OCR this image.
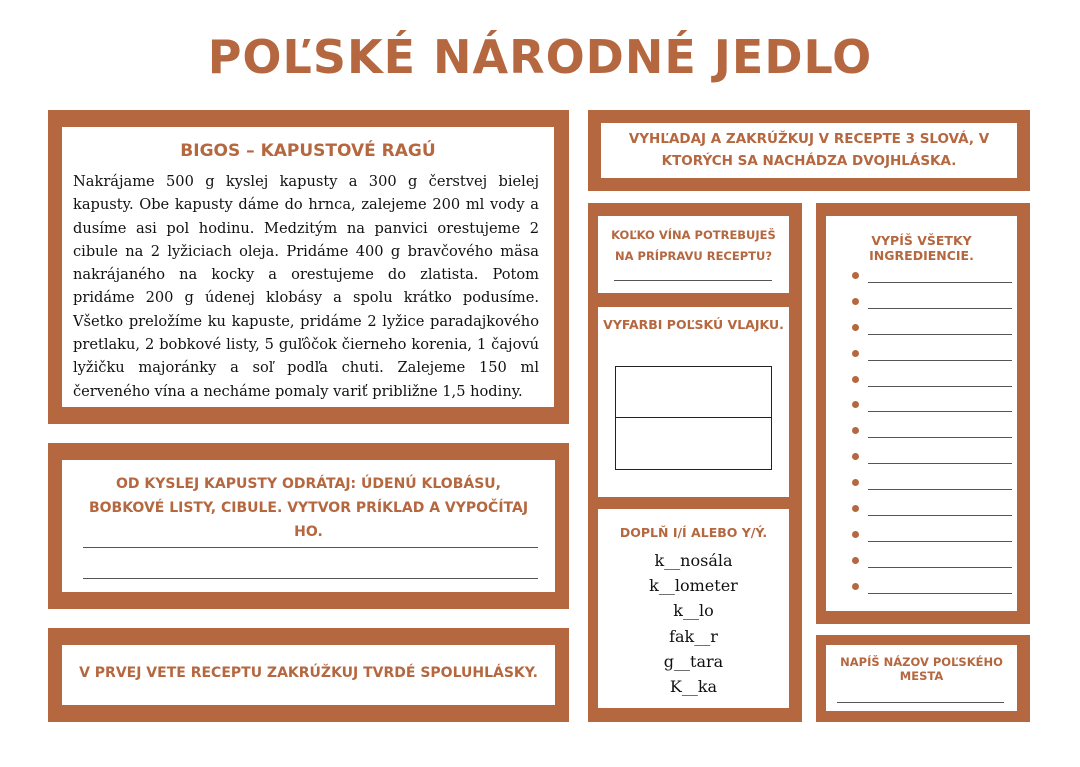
POĽSKÉ NÁRODNÉ JEDLO
BIGOS – KAPUSTOVÉ RAGÚ
Nakrájame 500 g kyslej kapusty a 300 g čerstvej bielej kapusty. Obe kapusty dáme do hrnca, zalejeme 200 ml vody a dusíme asi pol hodinu. Medzitým na panvici orestujeme 2 cibule na 2 lyžiciach oleja. Pridáme 400 g bravčového mäsa nakrájaného na kocky a orestujeme do zlatista. Potom pridáme 200 g údenej klobásy a spolu krátko podusíme. Všetko preložíme ku kapuste, pridáme 2 lyžice paradajkového pretlaku, 2 bobkové listy, 5 guľôčok čierneho korenia, 1 čajovú lyžičku majoránky a soľ podľa chuti. Zalejeme 150 ml červeného vína a necháme pomaly variť približne 1,5 hodiny.
OD KYSLEJ KAPUSTY ODRÁTAJ: ÚDENÚ KLOBÁSU, BOBKOVÉ LISTY, CIBULE. VYTVOR PRÍKLAD A VYPOČÍTAJ HO.
V PRVEJ VETE RECEPTU ZAKRÚŽKUJ TVRDÉ SPOLUHLÁSKY.
VYHĽADAJ A ZAKRÚŽKUJ V RECEPTE 3 SLOVÁ, V KTORÝCH SA NACHÁDZA DVOJHLÁSKA.
KOĽKO VÍNA POTREBUJEŠ NA PRÍPRAVU RECEPTU?
VYFARBI POĽSKÚ VLAJKU.
DOPLŇ I/Í ALEBO Y/Ý.
k__nosála
k__lometer
k__lo
fak__r
g__tara
K__ka
VYPÍŠ VŠETKY INGREDIENCIE.
NAPÍŠ NÁZOV POĽSKÉHO MESTA
